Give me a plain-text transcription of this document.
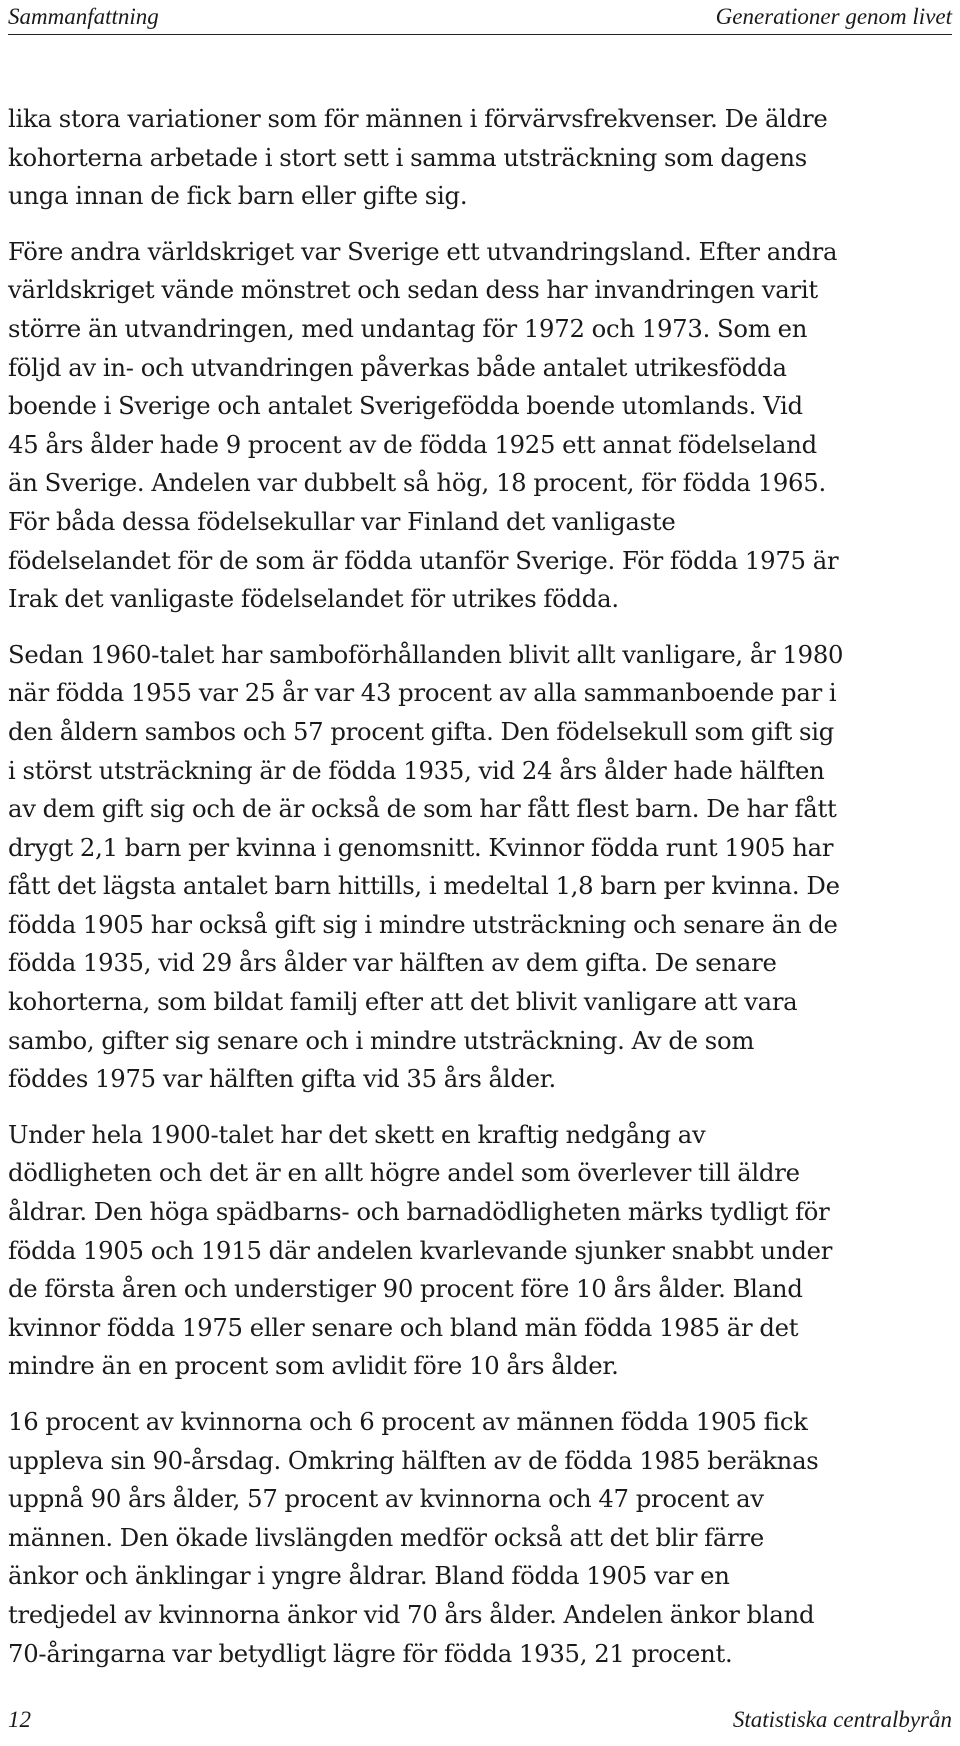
Sammanfattning	Generationer genom livet

lika stora variationer som för männen i förvärvsfrekvenser. De äldre
kohorterna arbetade i stort sett i samma utsträckning som dagens
unga innan de fick barn eller gifte sig.

Före andra världskriget var Sverige ett utvandringsland. Efter andra
världskriget vände mönstret och sedan dess har invandringen varit
större än utvandringen, med undantag för 1972 och 1973. Som en
följd av in- och utvandringen påverkas både antalet utrikesfödda
boende i Sverige och antalet Sverigefödda boende utomlands. Vid
45 års ålder hade 9 procent av de födda 1925 ett annat födelseland
än Sverige. Andelen var dubbelt så hög, 18 procent, för födda 1965.
För båda dessa födelsekullar var Finland det vanligaste
födelselandet för de som är födda utanför Sverige. För födda 1975 är
Irak det vanligaste födelselandet för utrikes födda.

Sedan 1960-talet har samboförhållanden blivit allt vanligare, år 1980
när födda 1955 var 25 år var 43 procent av alla sammanboende par i
den åldern sambos och 57 procent gifta. Den födelsekull som gift sig
i störst utsträckning är de födda 1935, vid 24 års ålder hade hälften
av dem gift sig och de är också de som har fått flest barn. De har fått
drygt 2,1 barn per kvinna i genomsnitt. Kvinnor födda runt 1905 har
fått det lägsta antalet barn hittills, i medeltal 1,8 barn per kvinna. De
födda 1905 har också gift sig i mindre utsträckning och senare än de
födda 1935, vid 29 års ålder var hälften av dem gifta. De senare
kohorterna, som bildat familj efter att det blivit vanligare att vara
sambo, gifter sig senare och i mindre utsträckning. Av de som
föddes 1975 var hälften gifta vid 35 års ålder.

Under hela 1900-talet har det skett en kraftig nedgång av
dödligheten och det är en allt högre andel som överlever till äldre
åldrar. Den höga spädbarns- och barnadödligheten märks tydligt för
födda 1905 och 1915 där andelen kvarlevande sjunker snabbt under
de första åren och understiger 90 procent före 10 års ålder. Bland
kvinnor födda 1975 eller senare och bland män födda 1985 är det
mindre än en procent som avlidit före 10 års ålder.

16 procent av kvinnorna och 6 procent av männen födda 1905 fick
uppleva sin 90-årsdag. Omkring hälften av de födda 1985 beräknas
uppnå 90 års ålder, 57 procent av kvinnorna och 47 procent av
männen. Den ökade livslängden medför också att det blir färre
änkor och änklingar i yngre åldrar. Bland födda 1905 var en
tredjedel av kvinnorna änkor vid 70 års ålder. Andelen änkor bland
70-åringarna var betydligt lägre för födda 1935, 21 procent.

12	Statistiska centralbyrån
